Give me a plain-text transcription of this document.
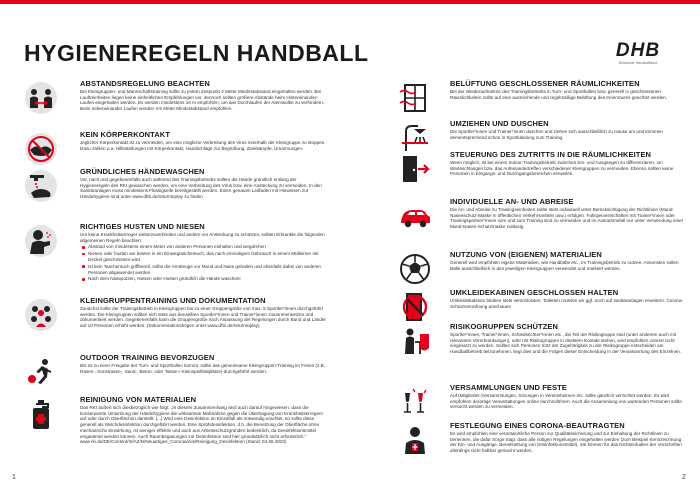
HYGIENEREGELN HANDBALL	DHB
Deutscher Handballbund
ABSTANDSREGELUNG BEACHTEN

Bei Kleingruppen- und Mannschaftstraining sollte zu jedem Zeitpunkt 2 Meter Mindestabstand eingehalten werden. Bei Lauftreinheiten liegen keine einheitlichen Empfehlungen vor, dennoch sollten größere Abstände beim Hintereinander-Laufen eingehalten werden. Es werden mindestens 10 m empfohlen, um das Durchlaufen der Atemwolke zu verhindern. Beim nebeneinander Laufen werden 4-5 Meter Mindestabstand empfohlen.

KEIN KÖRPERKONTAKT

Jeglicher Körperkontakt ist zu vermeiden, um eine mögliche Verbreitung des Virus innerhalb der Kleingruppe zu stoppen. Dazu zählen u.a. Hilfestellungen mit Körperkontakt, Handschläge zur Begrüßung, Zweikämpfe, Umarmungen.

GRÜNDLICHES HÄNDEWASCHEN

Vor, nach und gegebenenfalls auch während des Trainingsbetriebs sollten die Hände gründlich entlang der Hygieneregeln des RKI gewaschen werden, um eine Verbreitung des Virus bzw. eine Ansteckung zu vermeiden. In den Sanitäranlagen muss mindestens Flüssigseife bereitgestellt werden. Einen genauen Leitfaden mit Hinweisen zur Händehygiene sind unter www.dhb.de/returntoplay zu finden

RICHTIGES HUSTEN UND NIESEN

Um keine Krankheitserreger weiterzuverbreiten und andere vor Ansteckung zu schützen, sollten Erkrankte die folgenden allgemeinen Regeln beachten:

Abstand von mindestens einem Meter von anderen Personen einhalten und wegdrehen
Niesen oder husten am besten in ein Einwegtaschentuch, das nach einmaligem Gebrauch in einem Mülleimer mit Deckel geschmissen wird
Ist kein Taschentuch griffbereit, sollte die Armbeuge vor Mund und Nase gehalten und ebenfalls dabei von anderen Personen abgewendet werden
Nach dem Naseputzen, Niesen oder Husten gründlich die Hände waschen!
KLEINGRUPPENTRAINING UND DOKUMENTATION

Zunächst sollte der Trainingsbetrieb in Kleingruppen bis zu einer Gruppengröße von max. 5 Sportler*innen durchgeführt werden. Die Kleingruppen sollten sich stets aus denselben Sportler*innen und Trainer*innen zusammensetzen und dokumentiert werden. Gegebenenfalls kann die Gruppengröße nach Anpassung der Regelungen durch Bund und Länder auf 10 Personen erhöht werden. (Dokumentationsbögen unter www.dhb.de/returntoplay)

OUTDOOR TRAINING BEVORZUGEN

Bis es zu einer Freigabe der Turn- und Sporthallen kommt, sollte das gemeinsame Kleingruppen-Training im Freien (z.B. Rasen-, Kunstrasen-, Sand-, Beton- oder Tartan-/ Kleinspielfeldplätze) durchgeführt werden.

REINIGUNG VON MATERIALIEN

Das RKI äußert sich diesbezüglich wie folgt: „In diesem Zusammenhang wird auch darauf hingewiesen, dass die konsequente Umsetzung der Händehygiene die wirksamste Maßnahme gegen die Übertragung von Krankheitserregern auf oder durch Oberflächen darstellt. [...] Wird eine Desinfektion im Einzelfall als notwendig erachtet, so sollte diese generell als Wischdesinfektion durchgeführt werden. Eine Sprühdesinfektion, d.h. die Benetzung der Oberfläche ohne mechanische Einwirkung, ist weniger effektiv und auch aus Arbeitsschutzgründen bedenklich, da Desinfektionsmittel eingeatmet werden können. Auch Raumbegasungen zur Desinfektion sind hier grundsätzlich nicht erforderlich.“ www.rki.de/DE/Content/InfAZ/N/Neuartiges_Coronavirus/Reinigung_Desinfektion (Stand: 04.06.2020)

BELÜFTUNG GESCHLOSSENER RÄUMLICHKEITEN

Bei der Wiederaufnahme des Trainingsbetriebs in Turn- und Sporthallen bzw. generell in geschlossenen Räumlichkeiten sollte auf eine ausreichende und regelmäßige Belüftung des Innenraums geachtet werden.

UMZIEHEN UND DUSCHEN

Die Sportler*innen und Trainer*innen duschen und ziehen sich ausschließlich zu Hause um und kommen dementsprechend schon in Sportkleidung zum Training.

STEUERUNG DES ZUTRITTS IN DIE RÄUMLICHKEITEN

Wenn möglich, ist bei einem Indoor-Trainingsbetrieb zwischen Ein- und Ausgängen zu differenzieren, um Warteschlangen bzw. das Aufeinandertreffen verschiedener Kleingruppen zu vermeiden. Ebenso sollten keine Personen in Eingangs- und Durchgangsbereichen verweilen.

INDIVIDUELLE AN- UND ABREISE

Die An- und Abreise zu Trainingseinheiten sollte stets individuell unter Berücksichtigung der Richtlinien (Mund-Nasenschutz-Maske in öffentlichen Verkehrsmitteln usw.) erfolgen. Fahrgemeinschaften mit Trainer*innen oder Trainingspartner*innen vom und zum Training sind zu vermeiden und im Ausnahmefall nur unter Verwendung einer Mund-Nasen-Schutzmaske zulässig

NUTZUNG VON (EIGENEN) MATERIALIEN

Generell wird empfohlen eigene Materialien, wie Handbälle etc., im Trainingsbetrieb zu nutzen. Ansonsten sollen Bälle ausschließlich in den jeweiligen Kleingruppen verwendet und markiert werden.

UMKLEIDEKABINEN GESCHLOSSEN HALTEN

Umkleidekabinen bleiben stets verschlossen. Toiletten müssen wir ggf. noch auf sanitäranlagen erweitern. Corona-Schutzverordnung anschauen

RISIKOGRUPPEN SCHÜTZEN

Sportler*innen, Trainer*innen, Schiedsrichter*innen etc., die Teil der Risikogruppe sind (unter anderem auch mit relevanten Vorerkrankungen), oder mit Risikogruppen in direktem Kontakt stehen, wird empfohlen vorerst nicht eingesetzt zu werden. Sollten sich Personen trotz der Zugehörigkeit zu der Risikogruppe entscheiden am Handballbetrieb teilzunehmen, liegt dies und die Folgen dieser Entscheidung in der Verantwortung des Einzelnen.

VERSAMMLUNGEN UND FESTE

Auf (Mitglieder-)Versammlungen, Sitzungen in Vereinsheimen etc. sollte gänzlich verzichtet werden. Es wird empfohlen derartige Veranstaltungen online durchzuführen. Auch die Ansammlung von wartenden Personen sollte versucht werden zu vermeiden.

FESTLEGUNG EINES CORONA-BEAUTRAGTEN

Es wird empfohlen eine verantwortliche Person zur Qualitätssicherung und zur Einhaltung der Richtlinien zu benennen, die dafür Sorge trägt, dass alle nötigen Regelungen eingehalten werden (zum Beispiel Kennzeichnung der Ein- und Ausgänge, Bereitstellung von Desinfektionsmittel). Sie können für das Nichteinhalten der Vorschriften allerdings nicht haftbar gemacht werden.

1	2
